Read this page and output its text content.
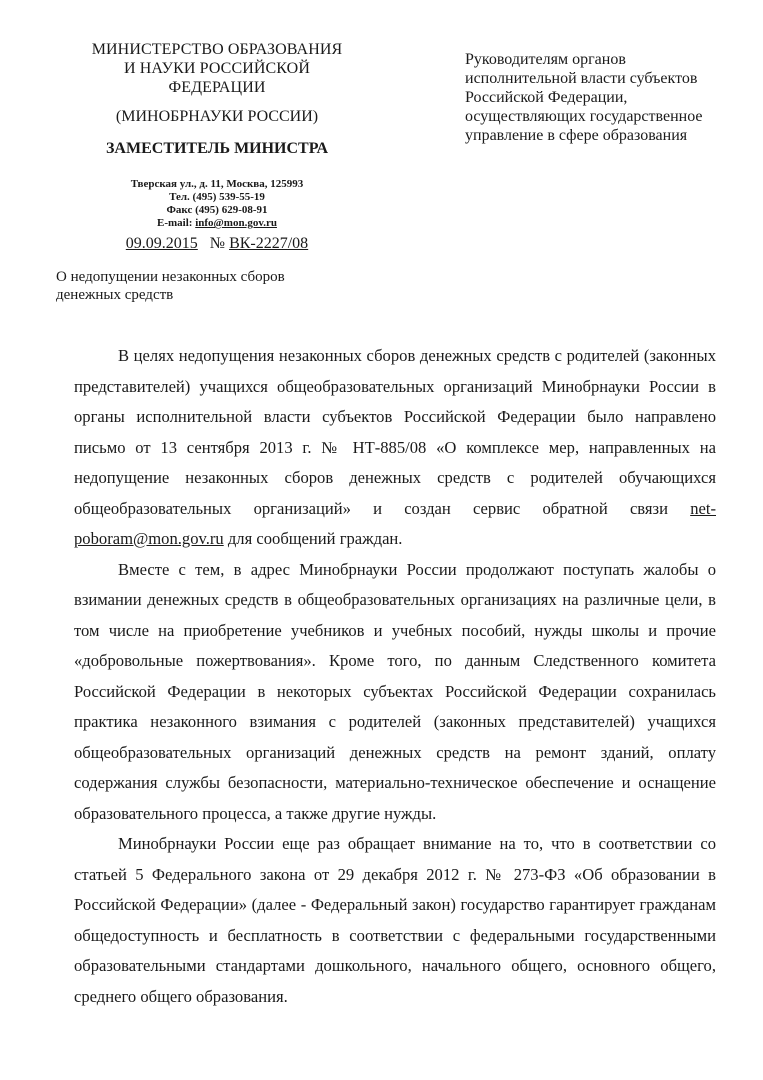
МИНИСТЕРСТВО ОБРАЗОВАНИЯ
И НАУКИ РОССИЙСКОЙ
ФЕДЕРАЦИИ
(МИНОБРНАУКИ РОССИИ)
ЗАМЕСТИТЕЛЬ МИНИСТРА
Тверская ул., д. 11, Москва, 125993
Тел. (495) 539-55-19
Факс (495) 629-08-91
E-mail: info@mon.gov.ru
09.09.2015 № ВК-2227/08
О недопущении незаконных сборов
денежных средств
Руководителям органов
исполнительной власти субъектов
Российской Федерации,
осуществляющих государственное
управление в сфере образования

В целях недопущения незаконных сборов денежных средств с родителей (законных представителей) учащихся общеобразовательных организаций Минобрнауки России в органы исполнительной власти субъектов Российской Федерации было направлено письмо от 13 сентября 2013 г. № НТ-885/08 «О комплексе мер, направленных на недопущение незаконных сборов денежных средств с родителей обучающихся общеобразовательных организаций» и создан сервис обратной связи net-poboram@mon.gov.ru для сообщений граждан.

Вместе с тем, в адрес Минобрнауки России продолжают поступать жалобы о взимании денежных средств в общеобразовательных организациях на различные цели, в том числе на приобретение учебников и учебных пособий, нужды школы и прочие «добровольные пожертвования». Кроме того, по данным Следственного комитета Российской Федерации в некоторых субъектах Российской Федерации сохранилась практика незаконного взимания с родителей (законных представителей) учащихся общеобразовательных организаций денежных средств на ремонт зданий, оплату содержания службы безопасности, материально-техническое обеспечение и оснащение образовательного процесса, а также другие нужды.

Минобрнауки России еще раз обращает внимание на то, что в соответствии со статьей 5 Федерального закона от 29 декабря 2012 г. № 273-ФЗ «Об образовании в Российской Федерации» (далее - Федеральный закон) государство гарантирует гражданам общедоступность и бесплатность в соответствии с федеральными государственными образовательными стандартами дошкольного, начального общего, основного общего, среднего общего образования.
